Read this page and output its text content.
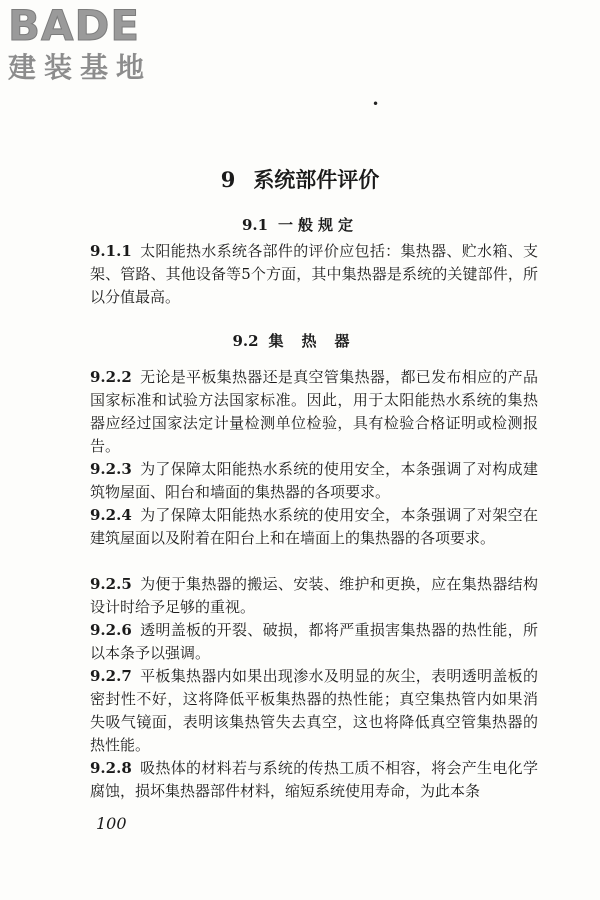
BADE
建装基地
•
9 系统部件评价
9.1 一般规定
9.1.1 太阳能热水系统各部件的评价应包括：集热器、贮水箱、支架、管路、其他设备等5个方面，其中集热器是系统的关键部件，所以分值最高。
9.2 集热器
9.2.2 无论是平板集热器还是真空管集热器，都已发布相应的产品国家标准和试验方法国家标准。因此，用于太阳能热水系统的集热器应经过国家法定计量检测单位检验，具有检验合格证明或检测报告。
9.2.3 为了保障太阳能热水系统的使用安全，本条强调了对构成建筑物屋面、阳台和墙面的集热器的各项要求。
9.2.4 为了保障太阳能热水系统的使用安全，本条强调了对架空在建筑屋面以及附着在阳台上和在墙面上的集热器的各项要求。
9.2.5 为便于集热器的搬运、安装、维护和更换，应在集热器结构设计时给予足够的重视。
9.2.6 透明盖板的开裂、破损，都将严重损害集热器的热性能，所以本条予以强调。
9.2.7 平板集热器内如果出现渗水及明显的灰尘，表明透明盖板的密封性不好，这将降低平板集热器的热性能；真空集热管内如果消失吸气镜面，表明该集热管失去真空，这也将降低真空管集热器的热性能。
9.2.8 吸热体的材料若与系统的传热工质不相容，将会产生电化学腐蚀，损坏集热器部件材料，缩短系统使用寿命，为此本条
100
